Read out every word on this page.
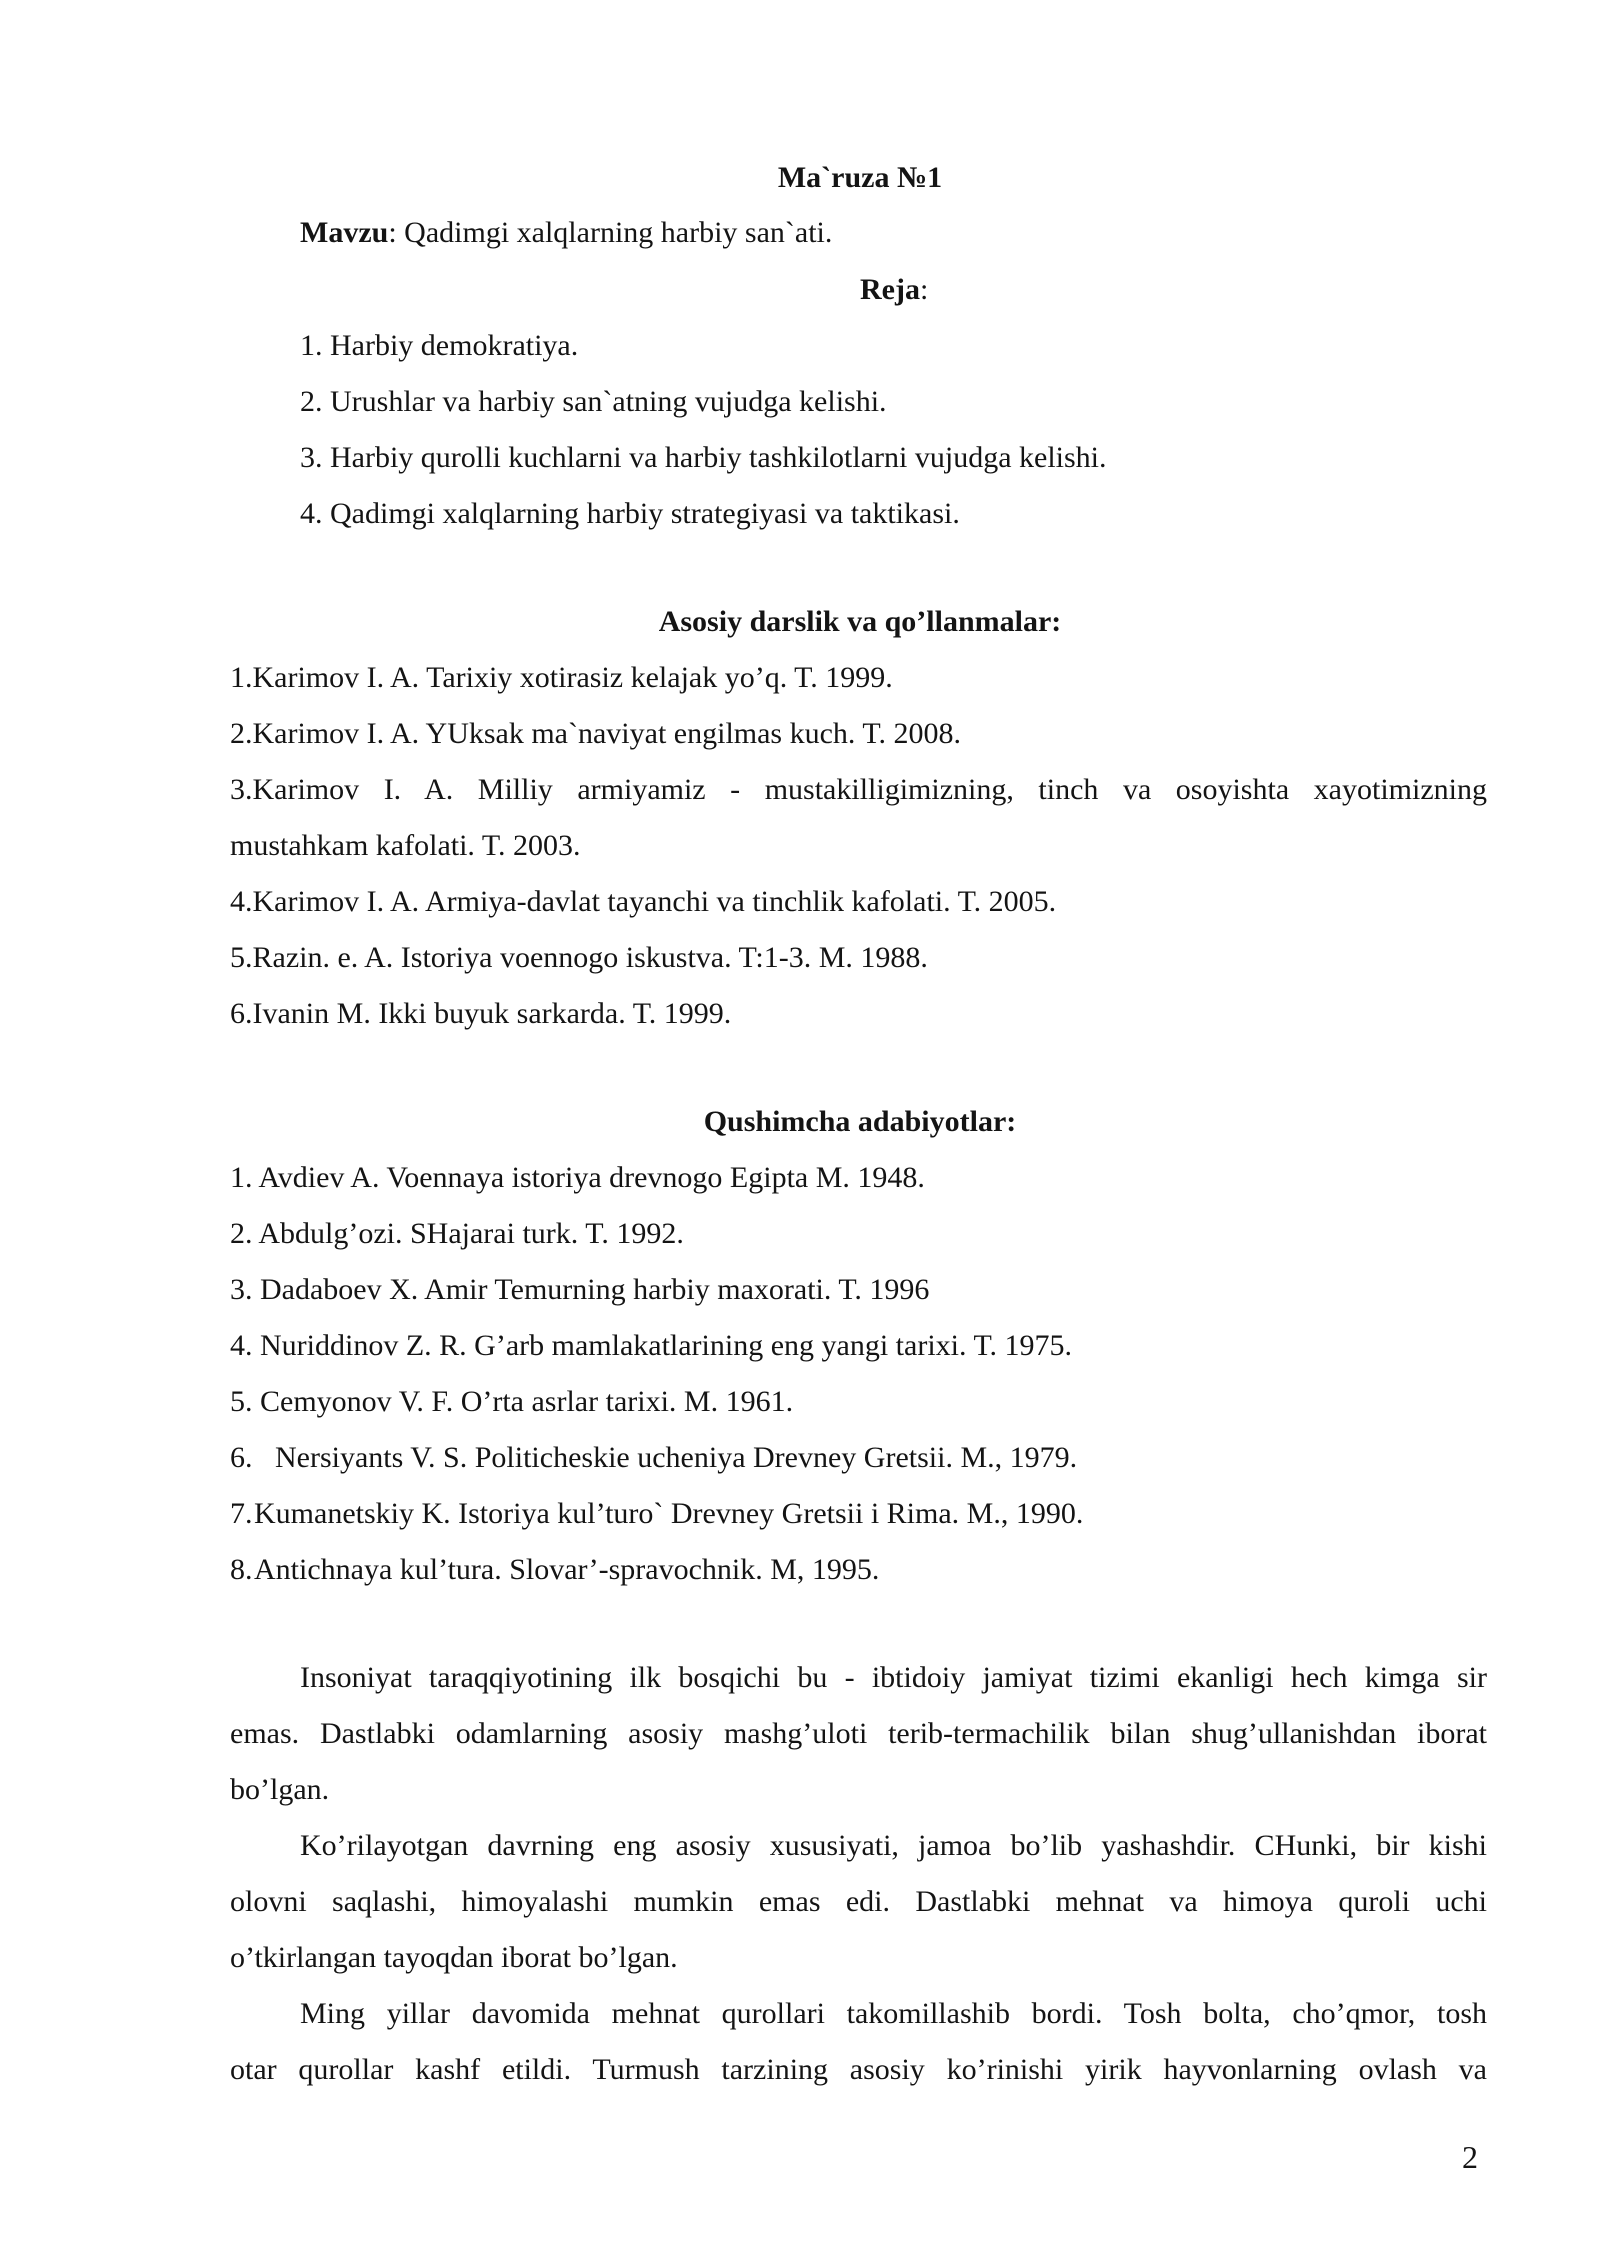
Ma`ruza №1
Mavzu: Qadimgi xalqlarning harbiy san`ati.
Reja:
1. Harbiy demokratiya.
2. Urushlar va harbiy san`atning vujudga kelishi.
3. Harbiy qurolli kuchlarni va harbiy tashkilotlarni vujudga kelishi.
4. Qadimgi xalqlarning harbiy strategiyasi va taktikasi.
Asosiy darslik va qo’llanmalar:
1.Karimov I. A. Tarixiy xotirasiz kelajak yo’q. T. 1999.
2.Karimov I. A. YUksak ma`naviyat engilmas kuch. T. 2008.
3.Karimov I. A. Milliy armiyamiz - mustakilligimizning, tinch va osoyishta xayotimizning
mustahkam kafolati. T. 2003.
4.Karimov I. A. Armiya-davlat tayanchi va tinchlik kafolati. T. 2005.
5.Razin. e. A. Istoriya voennogo iskustva. T:1-3. M. 1988.
6.Ivanin M. Ikki buyuk sarkarda. T. 1999.
Qushimcha adabiyotlar:
1. Avdiev A. Voennaya istoriya drevnogo Egipta M. 1948.
2. Abdulg’ozi. SHajarai turk. T. 1992.
3. Dadaboev X. Amir Temurning harbiy maxorati. T. 1996
4. Nuriddinov Z. R. G’arb mamlakatlarining eng yangi tarixi. T. 1975.
5. Cemyonov V. F. O’rta asrlar tarixi. M. 1961.
6.   Nersiyants V. S. Politicheskie ucheniya Drevney Gretsii. M., 1979.
7.Kumanetskiy K. Istoriya kul’turo` Drevney Gretsii i Rima. M., 1990.
8.Antichnaya kul’tura. Slovar’-spravochnik. M, 1995.
Insoniyat taraqqiyotining ilk bosqichi bu - ibtidoiy jamiyat tizimi ekanligi hech kimga sir
emas. Dastlabki odamlarning asosiy mashg’uloti terib-termachilik bilan shug’ullanishdan iborat
bo’lgan.
Ko’rilayotgan davrning eng asosiy xususiyati, jamoa bo’lib yashashdir. CHunki, bir kishi
olovni saqlashi, himoyalashi mumkin emas edi. Dastlabki mehnat va himoya quroli uchi
o’tkirlangan tayoqdan iborat bo’lgan.
Ming yillar davomida mehnat qurollari takomillashib bordi. Tosh bolta, cho’qmor, tosh
otar qurollar kashf etildi. Turmush tarzining asosiy ko’rinishi yirik hayvonlarning ovlash va
2
